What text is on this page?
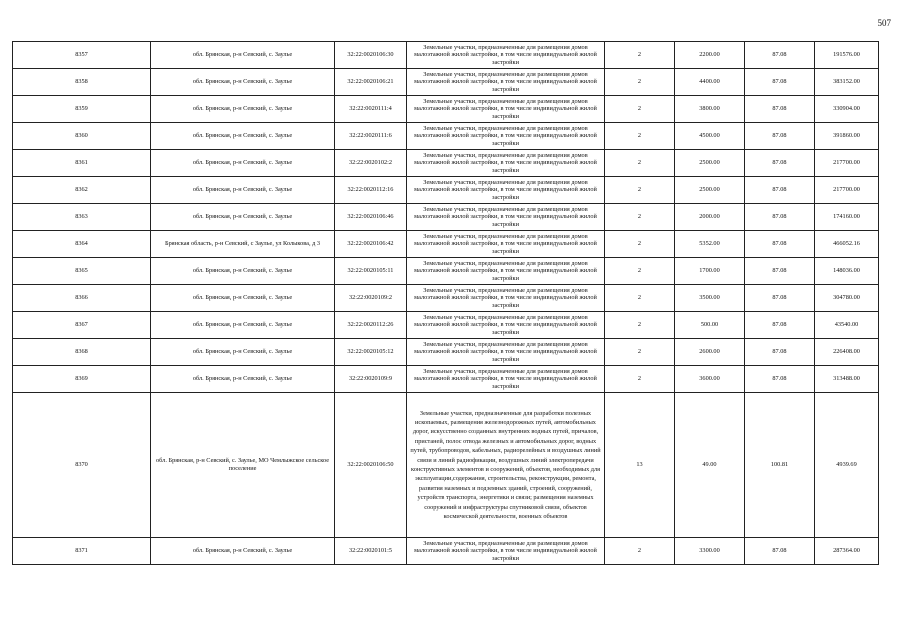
507
8357	обл. Брянская, р-н Севский, с. Заулье	32:22:0020106:30	Земельные участки, предназначенные для размещения домов малоэтажной жилой застройки, в том числе индивидуальной жилой застройки	2	2200.00	87.08	191576.00
8358	обл. Брянская, р-н Севский, с. Заулье	32:22:0020106:21	Земельные участки, предназначенные для размещения домов малоэтажной жилой застройки, в том числе индивидуальной жилой застройки	2	4400.00	87.08	383152.00
8359	обл. Брянская, р-н Севский, с. Заулье	32:22:0020111:4	Земельные участки, предназначенные для размещения домов малоэтажной жилой застройки, в том числе индивидуальной жилой застройки	2	3800.00	87.08	330904.00
8360	обл. Брянская, р-н Севский, с. Заулье	32:22:0020111:6	Земельные участки, предназначенные для размещения домов малоэтажной жилой застройки, в том числе индивидуальной жилой застройки	2	4500.00	87.08	391860.00
8361	обл. Брянская, р-н Севский, с. Заулье	32:22:0020102:2	Земельные участки, предназначенные для размещения домов малоэтажной жилой застройки, в том числе индивидуальной жилой застройки	2	2500.00	87.08	217700.00
8362	обл. Брянская, р-н Севский, с. Заулье	32:22:0020112:16	Земельные участки, предназначенные для размещения домов малоэтажной жилой застройки, в том числе индивидуальной жилой застройки	2	2500.00	87.08	217700.00
8363	обл. Брянская, р-н Севский, с. Заулье	32:22:0020106:46	Земельные участки, предназначенные для размещения домов малоэтажной жилой застройки, в том числе индивидуальной жилой застройки	2	2000.00	87.08	174160.00
8364	Брянская область, р-н Севский, с Заулье, ул Колыкова, д 3	32:22:0020106:42	Земельные участки, предназначенные для размещения домов малоэтажной жилой застройки, в том числе индивидуальной жилой застройки	2	5352.00	87.08	466052.16
8365	обл. Брянская, р-н Севский, с. Заулье	32:22:0020105:11	Земельные участки, предназначенные для размещения домов малоэтажной жилой застройки, в том числе индивидуальной жилой застройки	2	1700.00	87.08	148036.00
8366	обл. Брянская, р-н Севский, с. Заулье	32:22:0020109:2	Земельные участки, предназначенные для размещения домов малоэтажной жилой застройки, в том числе индивидуальной жилой застройки	2	3500.00	87.08	304780.00
8367	обл. Брянская, р-н Севский, с. Заулье	32:22:0020112:26	Земельные участки, предназначенные для размещения домов малоэтажной жилой застройки, в том числе индивидуальной жилой застройки	2	500.00	87.08	43540.00
8368	обл. Брянская, р-н Севский, с. Заулье	32:22:0020105:12	Земельные участки, предназначенные для размещения домов малоэтажной жилой застройки, в том числе индивидуальной жилой застройки	2	2600.00	87.08	226408.00
8369	обл. Брянская, р-н Севский, с. Заулье	32:22:0020109:9	Земельные участки, предназначенные для размещения домов малоэтажной жилой застройки, в том числе индивидуальной жилой застройки	2	3600.00	87.08	313488.00
8370	обл. Брянская, р-н Севский, с. Заулье, МО Чемлыжское сельское поселение	32:22:0020106:50	Земельные участки, предназначенные для разработки полезных ископаемых, размещения железнодорожных путей, автомобильных дорог, искусственно созданных внутренних водных путей, причалов, пристаней, полос отвода железных и автомобильных дорог, водных путей, трубопроводов, кабельных, радиорелейных и воздушных линий связи и линий радиофикации, воздушных линий электропередачи конструктивных элементов и сооружений, объектов, необходимых для эксплуатации,содержания, строительства, реконструкции, ремонта, развития наземных и подземных зданий, строений, сооружений, устройств транспорта, энергетики и связи; размещения наземных сооружений и инфраструктуры спутниковой связи, объектов космической деятельности, военных объектов	13	49.00	100.81	4939.69
8371	обл. Брянская, р-н Севский, с. Заулье	32:22:0020101:5	Земельные участки, предназначенные для размещения домов малоэтажной жилой застройки, в том числе индивидуальной жилой застройки	2	3300.00	87.08	287364.00
